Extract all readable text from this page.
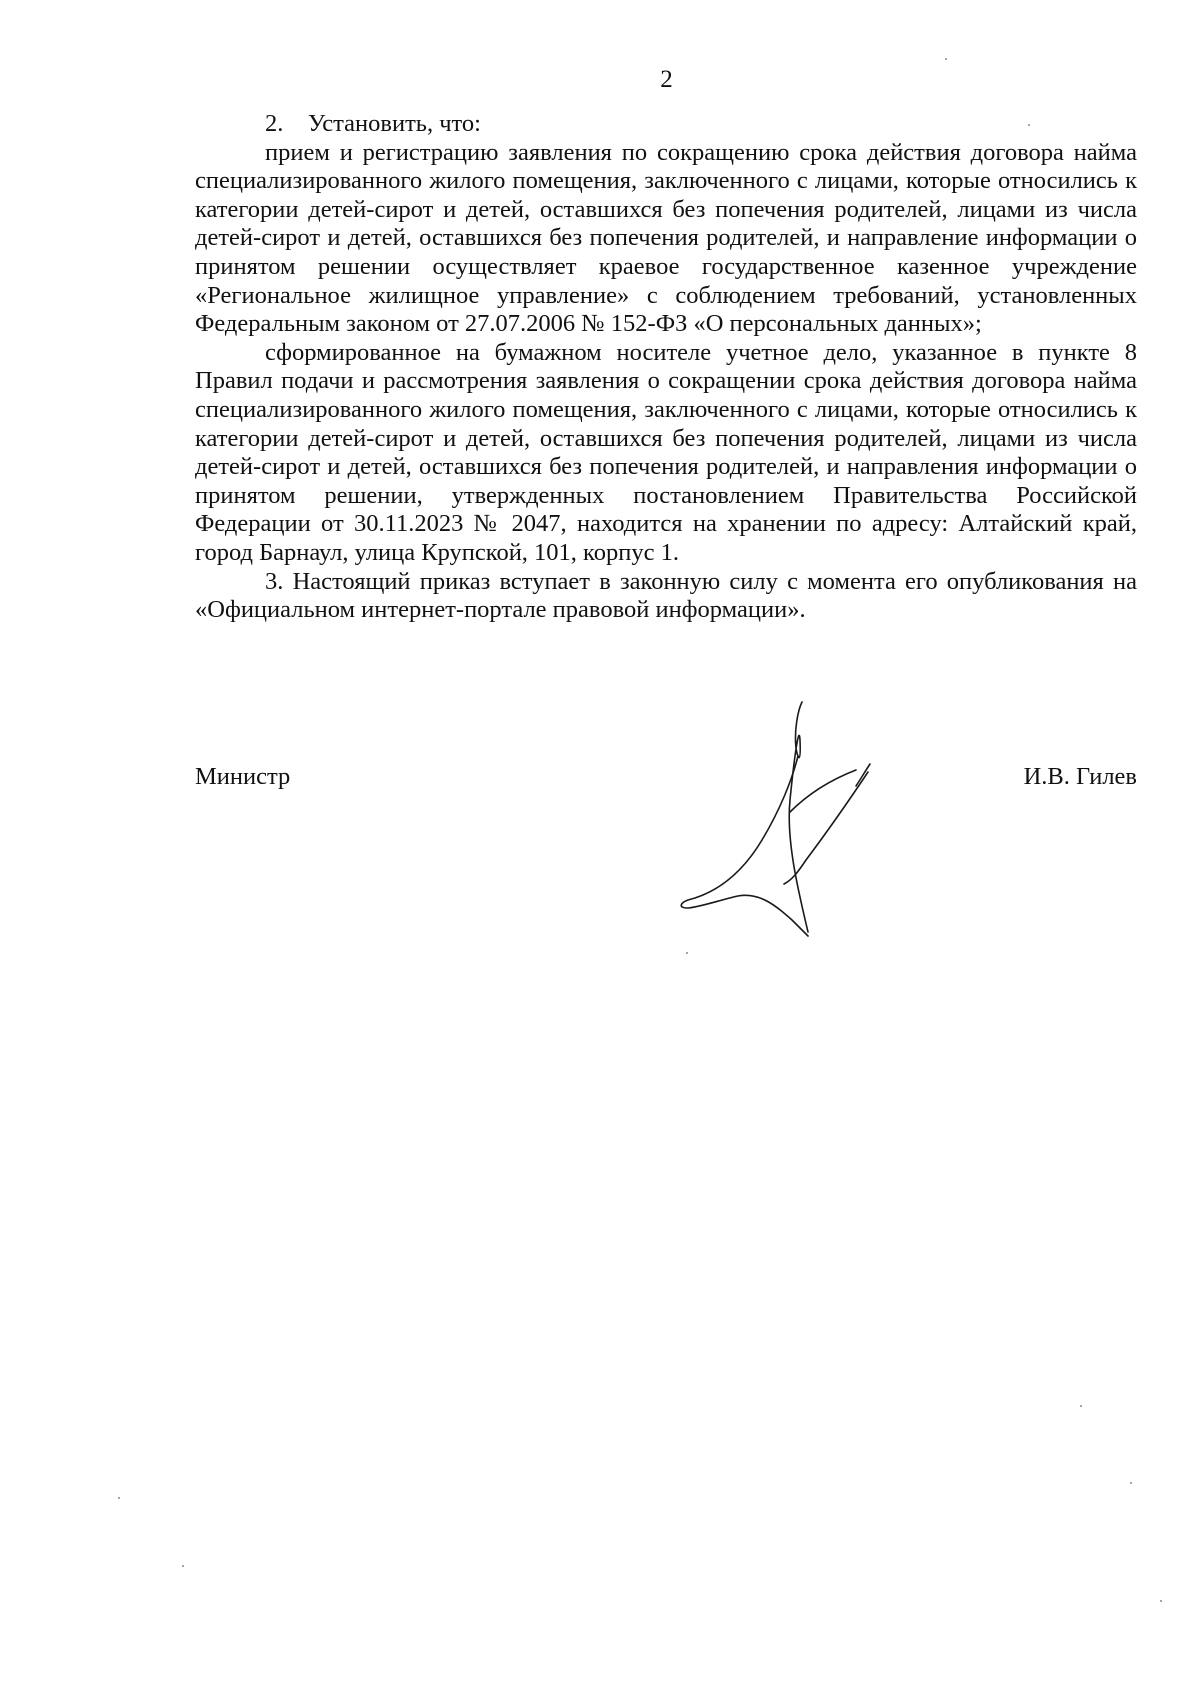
2

2. Установить, что:

прием и регистрацию заявления по сокращению срока действия договора найма специализированного жилого помещения, заключенного с лицами, которые относились к категории детей-сирот и детей, оставшихся без попечения родителей, лицами из числа детей-сирот и детей, оставшихся без попечения родителей, и направление информации о принятом решении осуществляет краевое государственное казенное учреждение «Региональное жилищное управление» с соблюдением требований, установленных Федеральным законом от 27.07.2006 № 152-ФЗ «О персональных данных»;

сформированное на бумажном носителе учетное дело, указанное в пункте 8 Правил подачи и рассмотрения заявления о сокращении срока действия договора найма специализированного жилого помещения, заключенного с лицами, которые относились к категории детей-сирот и детей, оставшихся без попечения родителей, лицами из числа детей-сирот и детей, оставшихся без попечения родителей, и направления информации о принятом решении, утвержденных постановлением Правительства Российской Федерации от 30.11.2023 № 2047, находится на хранении по адресу: Алтайский край, город Барнаул, улица Крупской, 101, корпус 1.

3. Настоящий приказ вступает в законную силу с момента его опубликования на «Официальном интернет-портале правовой информации».

Министр	И.В. Гилев
